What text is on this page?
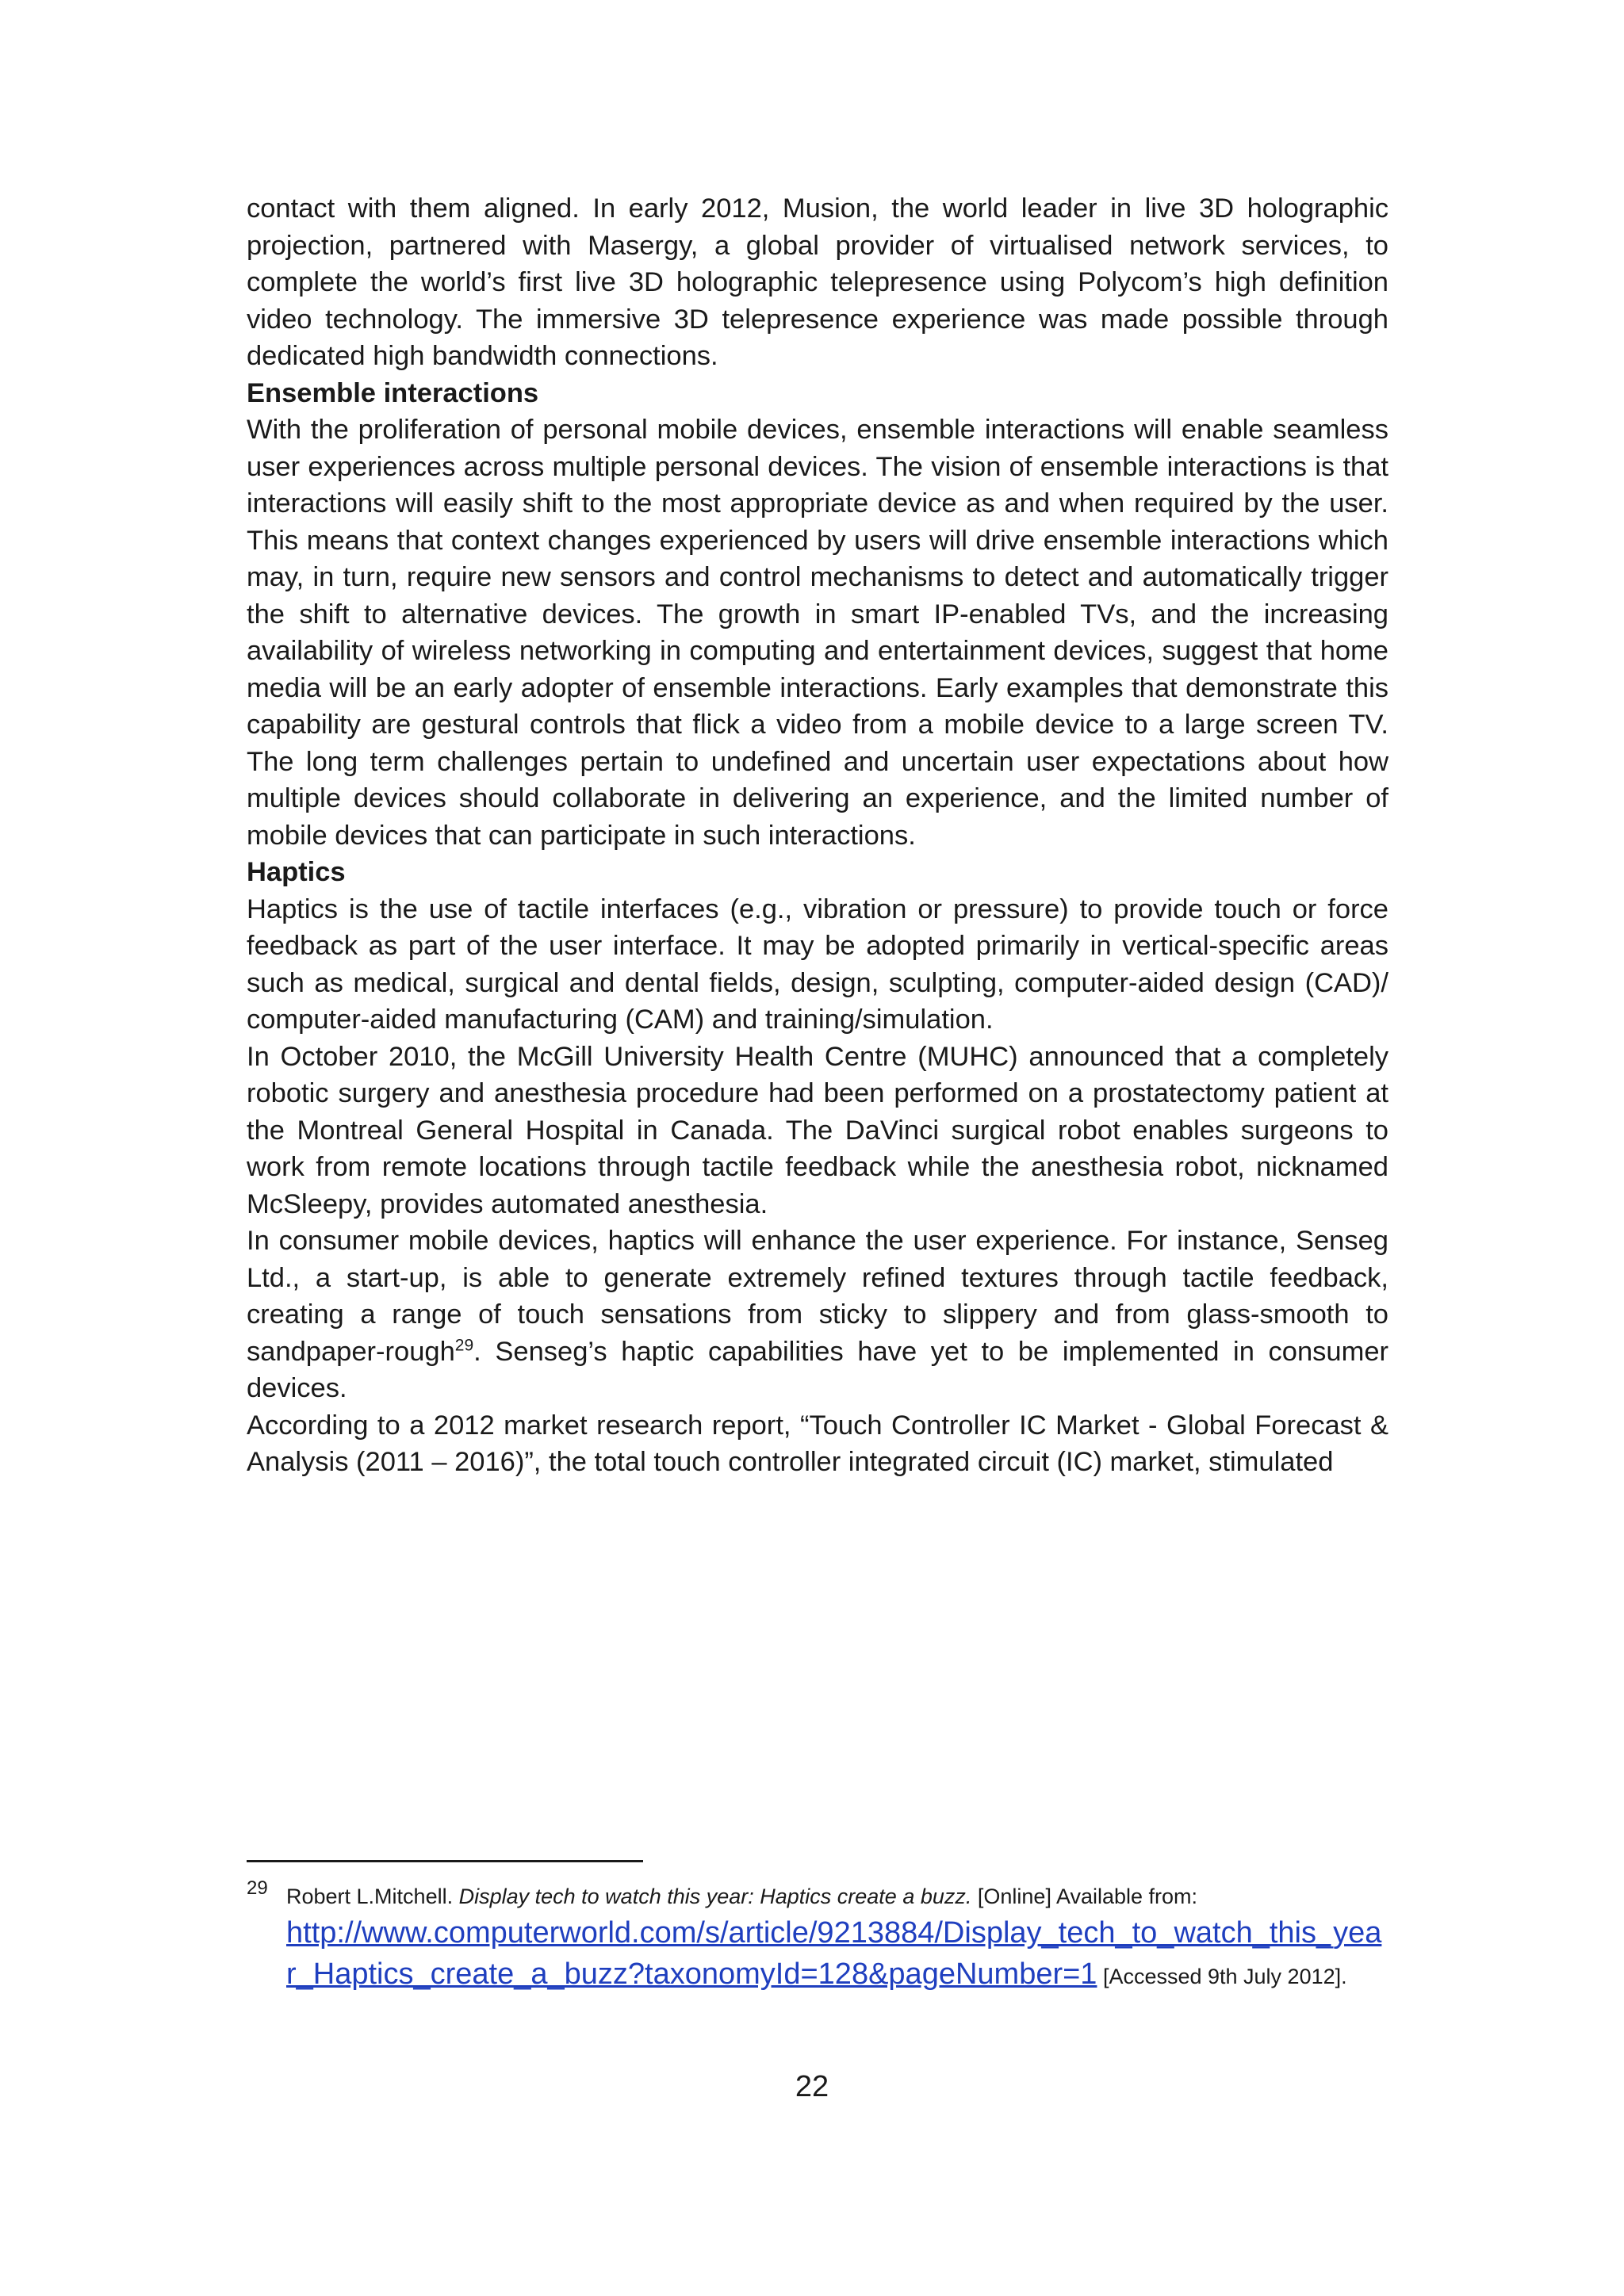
contact with them aligned. In early 2012, Musion, the world leader in live 3D holographic projection, partnered with Masergy, a global provider of virtualised network services, to complete the world’s first live 3D holographic telepresence using Polycom’s high definition video technology. The immersive 3D telepresence experience was made possible through dedicated high bandwidth connections.

Ensemble interactions

With the proliferation of personal mobile devices, ensemble interactions will enable seamless user experiences across multiple personal devices. The vision of ensemble interactions is that interactions will easily shift to the most appropriate device as and when required by the user. This means that context changes experienced by users will drive ensemble interactions which may, in turn, require new sensors and control mechanisms to detect and automatically trigger the shift to alternative devices. The growth in smart IP-enabled TVs, and the increasing availability of wireless networking in computing and entertainment devices, suggest that home media will be an early adopter of ensemble interactions. Early examples that demonstrate this capability are gestural controls that flick a video from a mobile device to a large screen TV. The long term challenges pertain to undefined and uncertain user expectations about how multiple devices should collaborate in delivering an experience, and the limited number of mobile devices that can participate in such interactions.

Haptics

Haptics is the use of tactile interfaces (e.g., vibration or pressure) to provide touch or force feedback as part of the user interface. It may be adopted primarily in vertical-specific areas such as medical, surgical and dental fields, design, sculpting, computer-aided design (CAD)/ computer-aided manufacturing (CAM) and training/simulation.

In October 2010, the McGill University Health Centre (MUHC) announced that a completely robotic surgery and anesthesia procedure had been performed on a prostatectomy patient at the Montreal General Hospital in Canada. The DaVinci surgical robot enables surgeons to work from remote locations through tactile feedback while the anesthesia robot, nicknamed McSleepy, provides automated anesthesia.

In consumer mobile devices, haptics will enhance the user experience. For instance, Senseg Ltd., a start-up, is able to generate extremely refined textures through tactile feedback, creating a range of touch sensations from sticky to slippery and from glass-smooth to sandpaper-rough$^{29}$. Senseg’s haptic capabilities have yet to be implemented in consumer devices.

According to a 2012 market research report, “Touch Controller IC Market - Global Forecast & Analysis (2011 – 2016)”, the total touch controller integrated circuit (IC) market, stimulated

29 Robert L.Mitchell. Display tech to watch this year: Haptics create a buzz. [Online] Available from:
http://www.computerworld.com/s/article/9213884/Display_tech_to_watch_this_year_Haptics_create_a_buzz?taxonomyId=128&pageNumber=1 [Accessed 9th July 2012].
22
